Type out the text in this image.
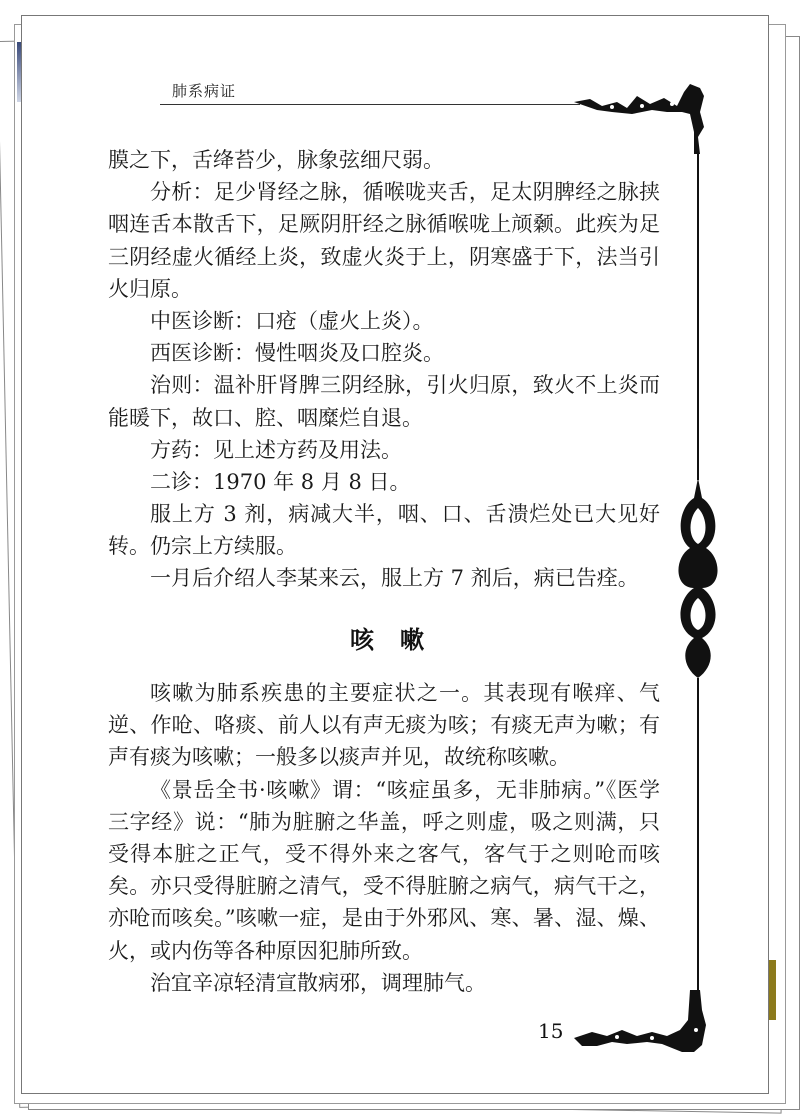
肺系病证
膜之下，舌绛苔少，脉象弦细尺弱。
分析：足少肾经之脉，循喉咙夹舌，足太阴脾经之脉挟
咽连舌本散舌下，足厥阴肝经之脉循喉咙上颃颡。此疾为足
三阴经虚火循经上炎，致虚火炎于上，阴寒盛于下，法当引
火归原。
中医诊断：口疮（虚火上炎）。
西医诊断：慢性咽炎及口腔炎。
治则：温补肝肾脾三阴经脉，引火归原，致火不上炎而
能暖下，故口、腔、咽糜烂自退。
方药：见上述方药及用法。
二诊：1970 年 8 月 8 日。
服上方 3 剂，病减大半，咽、口、舌溃烂处已大见好
转。仍宗上方续服。
一月后介绍人李某来云，服上方 7 剂后，病已告痊。
咳嗽
咳嗽为肺系疾患的主要症状之一。其表现有喉痒、气
逆、作呛、咯痰、前人以有声无痰为咳；有痰无声为嗽；有
声有痰为咳嗽；一般多以痰声并见，故统称咳嗽。
《景岳全书·咳嗽》谓：“咳症虽多，无非肺病。”《医学
三字经》说：“肺为脏腑之华盖，呼之则虚，吸之则满，只
受得本脏之正气，受不得外来之客气，客气于之则呛而咳
矣。亦只受得脏腑之清气，受不得脏腑之病气，病气干之，
亦呛而咳矣。”咳嗽一症，是由于外邪风、寒、暑、湿、燥、
火，或内伤等各种原因犯肺所致。
治宜辛凉轻清宣散病邪，调理肺气。
15
